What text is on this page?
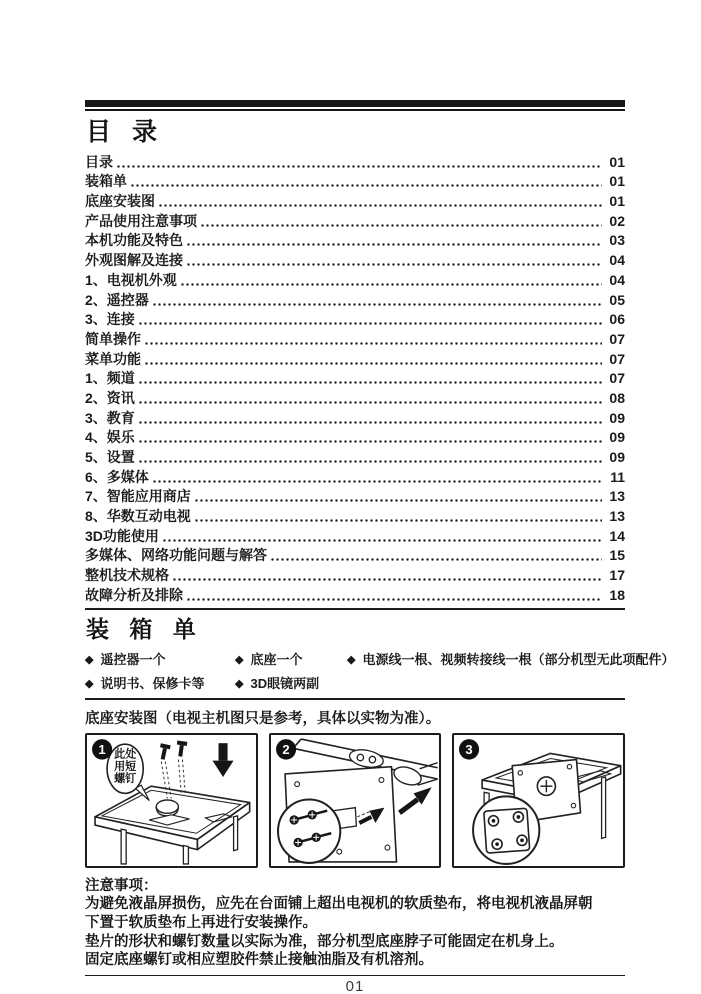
目 录
目录	01
装箱单	01
底座安装图	01
产品使用注意事项	02
本机功能及特色	03
外观图解及连接	04
1、电视机外观	04
2、遥控器	05
3、连接	06
简单操作	07
菜单功能	07
1、频道	07
2、资讯	08
3、教育	09
4、娱乐	09
5、设置	09
6、多媒体	11
7、智能应用商店	13
8、华数互动电视	13
3D功能使用	14
多媒体、网络功能问题与解答	15
整机技术规格	17
故障分析及排除	18
装 箱 单
◆ 遥控器一个	◆ 底座一个	◆ 电源线一根、视频转接线一根（部分机型无此项配件）
◆ 说明书、保修卡等	◆ 3D眼镜两副
底座安装图（电视主机图只是参考，具体以实物为准）。
此处
用短
螺钉
1	2	3
注意事项：
为避免液晶屏损伤，应先在台面铺上超出电视机的软质垫布，将电视机液晶屏朝
下置于软质垫布上再进行安装操作。
垫片的形状和螺钉数量以实际为准，部分机型底座脖子可能固定在机身上。
固定底座螺钉或相应塑胶件禁止接触油脂及有机溶剂。
01
